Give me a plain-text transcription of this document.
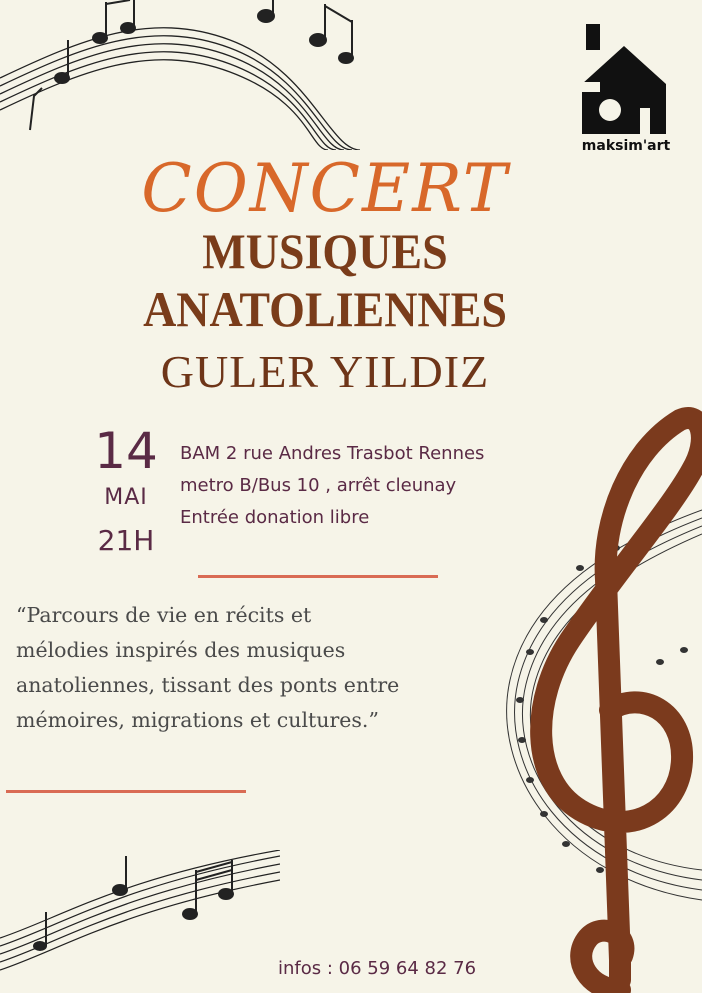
maksim'art
CONCERT
MUSIQUES
ANATOLIENNES
GULER YILDIZ
14
MAI
21H
BAM 2 rue Andres Trasbot Rennes
metro B/Bus 10 , arrêt cleunay
Entrée donation libre
“Parcours de vie en récits et
mélodies inspirés des musiques
anatoliennes, tissant des ponts entre
mémoires, migrations et cultures.”
infos : 06 59 64 82 76
